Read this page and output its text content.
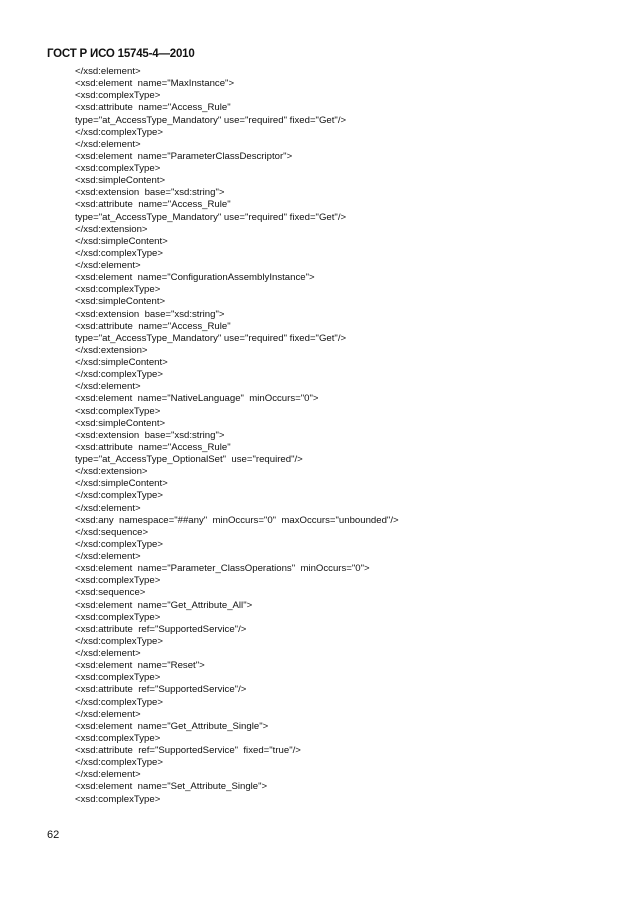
ГОСТ Р ИСО 15745-4—2010
</xsd:element>
<xsd:element  name="MaxInstance">
<xsd:complexType>
<xsd:attribute  name="Access_Rule"
type="at_AccessType_Mandatory" use="required" fixed="Get"/>
</xsd:complexType>
</xsd:element>
<xsd:element  name="ParameterClassDescriptor">
<xsd:complexType>
<xsd:simpleContent>
<xsd:extension  base="xsd:string">
<xsd:attribute  name="Access_Rule"
type="at_AccessType_Mandatory" use="required" fixed="Get"/>
</xsd:extension>
</xsd:simpleContent>
</xsd:complexType>
</xsd:element>
<xsd:element  name="ConfigurationAssemblyInstance">
<xsd:complexType>
<xsd:simpleContent>
<xsd:extension  base="xsd:string">
<xsd:attribute  name="Access_Rule"
type="at_AccessType_Mandatory" use="required" fixed="Get"/>
</xsd:extension>
</xsd:simpleContent>
</xsd:complexType>
</xsd:element>
<xsd:element  name="NativeLanguage"  minOccurs="0">
<xsd:complexType>
<xsd:simpleContent>
<xsd:extension  base="xsd:string">
<xsd:attribute  name="Access_Rule"
type="at_AccessType_OptionalSet"  use="required"/>
</xsd:extension>
</xsd:simpleContent>
</xsd:complexType>
</xsd:element>
<xsd:any  namespace="##any"  minOccurs="0"  maxOccurs="unbounded"/>
</xsd:sequence>
</xsd:complexType>
</xsd:element>
<xsd:element  name="Parameter_ClassOperations"  minOccurs="0">
<xsd:complexType>
<xsd:sequence>
<xsd:element  name="Get_Attribute_All">
<xsd:complexType>
<xsd:attribute  ref="SupportedService"/>
</xsd:complexType>
</xsd:element>
<xsd:element  name="Reset">
<xsd:complexType>
<xsd:attribute  ref="SupportedService"/>
</xsd:complexType>
</xsd:element>
<xsd:element  name="Get_Attribute_Single">
<xsd:complexType>
<xsd:attribute  ref="SupportedService"  fixed="true"/>
</xsd:complexType>
</xsd:element>
<xsd:element  name="Set_Attribute_Single">
<xsd:complexType>
62
